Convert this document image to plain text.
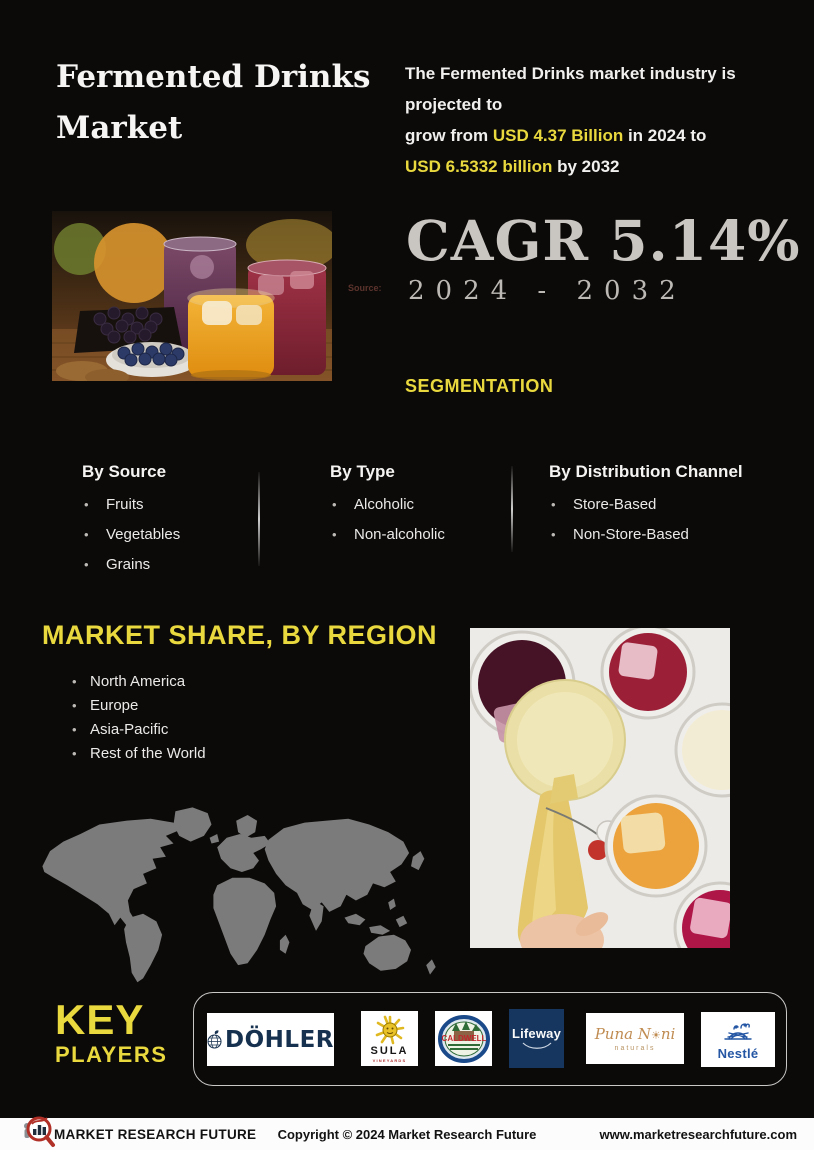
Fermented Drinks
Market
The Fermented Drinks market industry is projected to
grow from USD 4.37 Billion in 2024 to
USD 6.5332 billion by 2032
Source:
CAGR 5.14%
2024 - 2032
SEGMENTATION
By Source
• Fruits
• Vegetables
• Grains
By Type
• Alcoholic
• Non-alcoholic
By Distribution Channel
• Store-Based
• Non-Store-Based
MARKET SHARE, BY REGION
• North America
• Europe
• Asia-Pacific
• Rest of the World
KEY
PLAYERS
DÖHLER	SULA
VINEYARDS
CALDWELL Lifeway Puna N☀ni
naturals	Nestlé
MARKET RESEARCH FUTURE	Copyright © 2024 Market Research Future	www.marketresearchfuture.com
